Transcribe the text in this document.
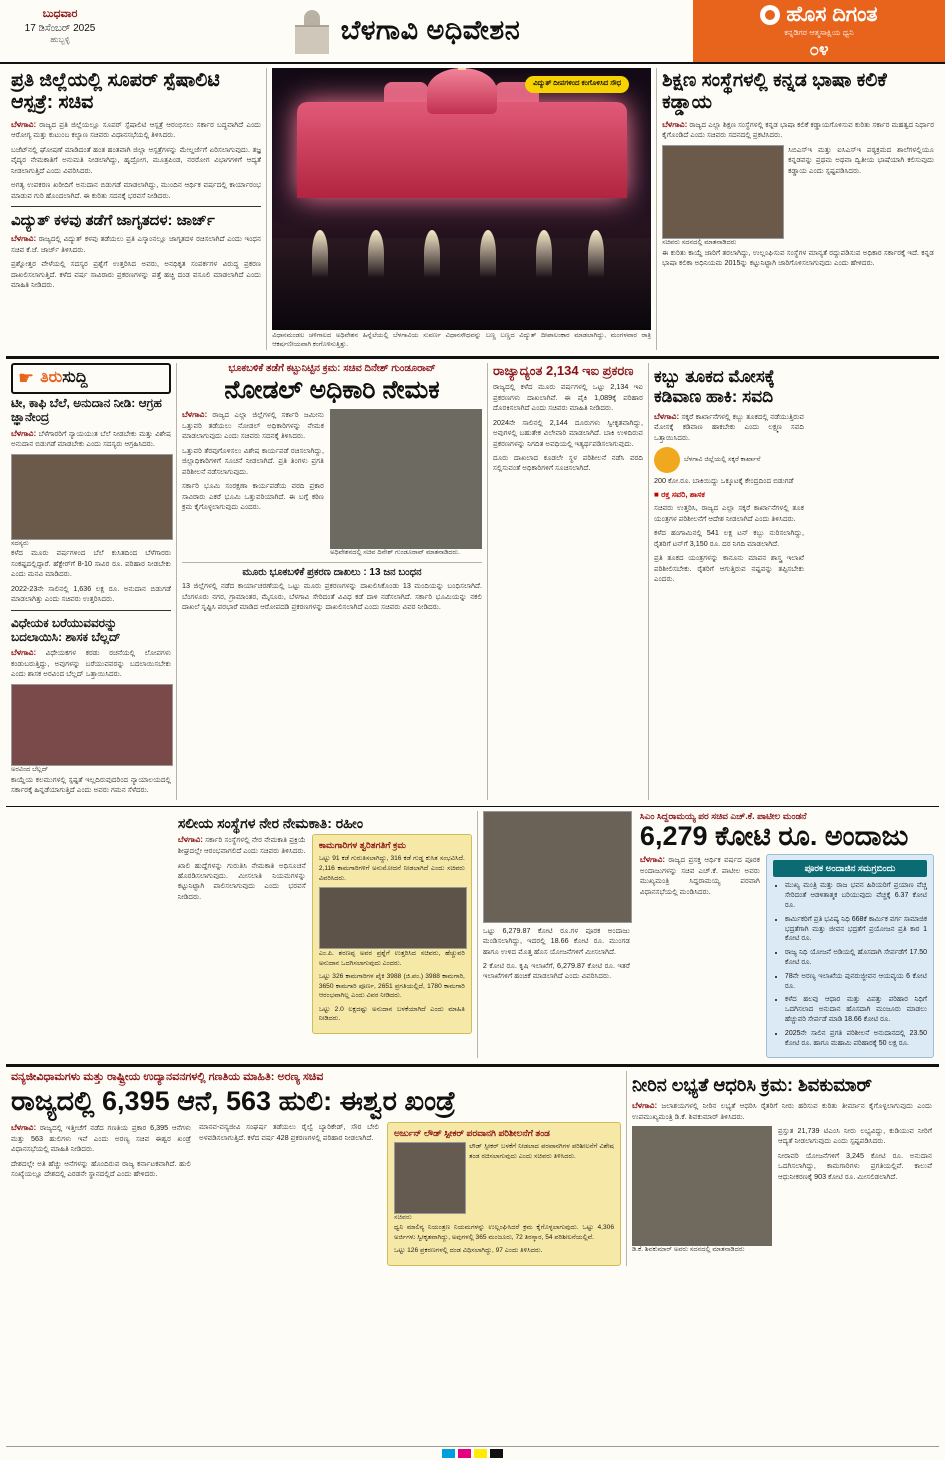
ಬುಧವಾರ
17 ಡಿಸೆಂಬರ್ 2025
ಹುಬ್ಬಳ್ಳಿ	ಬೆಳಗಾವಿ ಅಧಿವೇಶನ
ಹೊಸ ದಿಗಂತ
ಕನ್ನಡಿಗರ ಆತ್ಮಸಾಕ್ಷಿಯ ಧ್ವನಿ
೦೪
ಪ್ರತಿ ಜಿಲ್ಲೆಯಲ್ಲಿ ಸೂಪರ್ ಸ್ಪೆಷಾಲಿಟಿ ಆಸ್ಪತ್ರೆ: ಸಚಿವ

ಬೆಳಗಾವಿ: ರಾಜ್ಯದ ಪ್ರತಿ ಜಿಲ್ಲೆಯಲ್ಲೂ ಸೂಪರ್ ಸ್ಪೆಷಾಲಿಟಿ ಆಸ್ಪತ್ರೆ ಆರಂಭಿಸಲು ಸರ್ಕಾರ ಬದ್ಧವಾಗಿದೆ ಎಂದು ಆರೋಗ್ಯ ಮತ್ತು ಕುಟುಂಬ ಕಲ್ಯಾಣ ಸಚಿವರು ವಿಧಾನಸಭೆಯಲ್ಲಿ ತಿಳಿಸಿದರು.

ಬಜೆಟ್‌ನಲ್ಲಿ ಘೋಷಣೆ ಮಾಡಿದಂತೆ ಹಂತ ಹಂತವಾಗಿ ಜಿಲ್ಲಾ ಆಸ್ಪತ್ರೆಗಳನ್ನು ಮೇಲ್ದರ್ಜೆಗೆ ಏರಿಸಲಾಗುವುದು. ತಜ್ಞ ವೈದ್ಯರ ನೇಮಕಾತಿಗೆ ಅನುಮತಿ ನೀಡಲಾಗಿದ್ದು, ಹೃದ್ರೋಗ, ಮೂತ್ರಪಿಂಡ, ನರರೋಗ ವಿಭಾಗಗಳಿಗೆ ಆದ್ಯತೆ ನೀಡಲಾಗುತ್ತಿದೆ ಎಂದು ವಿವರಿಸಿದರು.

ಅಗತ್ಯ ಉಪಕರಣ ಖರೀದಿಗೆ ಅನುದಾನ ಬಿಡುಗಡೆ ಮಾಡಲಾಗಿದ್ದು, ಮುಂದಿನ ಆರ್ಥಿಕ ವರ್ಷದಲ್ಲಿ ಕಾರ್ಯಾರಂಭ ಮಾಡುವ ಗುರಿ ಹೊಂದಲಾಗಿದೆ. ಈ ಕುರಿತು ಸದನಕ್ಕೆ ಭರವಸೆ ನೀಡಿದರು.

ವಿದ್ಯುತ್ ಕಳವು ತಡೆಗೆ ಜಾಗೃತದಳ: ಜಾರ್ಜ್

ಬೆಳಗಾವಿ: ರಾಜ್ಯದಲ್ಲಿ ವಿದ್ಯುತ್ ಕಳವು ತಡೆಯಲು ಪ್ರತಿ ಎಸ್ಕಾಂನಲ್ಲೂ ಜಾಗೃತದಳ ರಚಿಸಲಾಗಿದೆ ಎಂದು ಇಂಧನ ಸಚಿವ ಕೆ.ಜೆ. ಜಾರ್ಜ್ ತಿಳಿಸಿದರು.

ಪ್ರಶ್ನೋತ್ತರ ವೇಳೆಯಲ್ಲಿ ಸದಸ್ಯರ ಪ್ರಶ್ನೆಗೆ ಉತ್ತರಿಸಿದ ಅವರು, ಅನಧಿಕೃತ ಸಂಪರ್ಕಗಳ ವಿರುದ್ಧ ಪ್ರಕರಣ ದಾಖಲಿಸಲಾಗುತ್ತಿದೆ. ಕಳೆದ ವರ್ಷ ಸಾವಿರಾರು ಪ್ರಕರಣಗಳನ್ನು ಪತ್ತೆ ಹಚ್ಚಿ ದಂಡ ವಸೂಲಿ ಮಾಡಲಾಗಿದೆ ಎಂದು ಮಾಹಿತಿ ನೀಡಿದರು.

ವಿದ್ಯುತ್ ದೀಪಗಳಿಂದ ಕಂಗೊಳಿಸಿದ ಸೌಧ
ವಿಧಾನಮಂಡಲ ಚಳಿಗಾಲದ ಅಧಿವೇಶನ ಹಿನ್ನೆಲೆಯಲ್ಲಿ ಬೆಳಗಾವಿಯ ಸುವರ್ಣ ವಿಧಾನಸೌಧವನ್ನು ಬಣ್ಣ ಬಣ್ಣದ ವಿದ್ಯುತ್ ದೀಪಾಲಂಕಾರ ಮಾಡಲಾಗಿದ್ದು, ಮಂಗಳವಾರ ರಾತ್ರಿ ಆಕರ್ಷಣೀಯವಾಗಿ ಕಂಗೊಳಿಸುತ್ತಿತ್ತು.
ಶಿಕ್ಷಣ ಸಂಸ್ಥೆಗಳಲ್ಲಿ ಕನ್ನಡ ಭಾಷಾ ಕಲಿಕೆ ಕಡ್ಡಾಯ

ಬೆಳಗಾವಿ: ರಾಜ್ಯದ ಎಲ್ಲಾ ಶಿಕ್ಷಣ ಸಂಸ್ಥೆಗಳಲ್ಲಿ ಕನ್ನಡ ಭಾಷಾ ಕಲಿಕೆ ಕಡ್ಡಾಯಗೊಳಿಸುವ ಕುರಿತು ಸರ್ಕಾರ ಮಹತ್ವದ ನಿರ್ಧಾರ ಕೈಗೊಂಡಿದೆ ಎಂದು ಸಚಿವರು ಸದನದಲ್ಲಿ ಪ್ರಕಟಿಸಿದರು.

ಸಚಿವರು ಸದನದಲ್ಲಿ ಮಾತನಾಡಿದರು

ಸಿಬಿಎಸ್‌ಇ ಮತ್ತು ಐಸಿಎಸ್‌ಇ ಪಠ್ಯಕ್ರಮದ ಶಾಲೆಗಳಲ್ಲಿಯೂ ಕನ್ನಡವನ್ನು ಪ್ರಥಮ ಅಥವಾ ದ್ವಿತೀಯ ಭಾಷೆಯಾಗಿ ಕಲಿಸುವುದು ಕಡ್ಡಾಯ ಎಂದು ಸ್ಪಷ್ಟಪಡಿಸಿದರು.

ಈ ಕುರಿತು ಕಾಯ್ದೆ ಜಾರಿಗೆ ತರಲಾಗಿದ್ದು, ಉಲ್ಲಂಘಿಸುವ ಸಂಸ್ಥೆಗಳ ಮಾನ್ಯತೆ ರದ್ದುಪಡಿಸುವ ಅಧಿಕಾರ ಸರ್ಕಾರಕ್ಕೆ ಇದೆ. ಕನ್ನಡ ಭಾಷಾ ಕಲಿಕಾ ಅಧಿನಿಯಮ 2015ನ್ನು ಕಟ್ಟುನಿಟ್ಟಾಗಿ ಜಾರಿಗೊಳಿಸಲಾಗುವುದು ಎಂದು ಹೇಳಿದರು.

☛ ತಿರುಸುದ್ದಿ
ಟೀ, ಕಾಫಿ ಬೆಲೆ, ಅನುದಾನ ನೀಡಿ: ಆಗ್ರಹ ಜ್ಞಾನೇಂದ್ರ

ಬೆಳಗಾವಿ: ಬೆಳೆಗಾರರಿಗೆ ನ್ಯಾಯಯುತ ಬೆಲೆ ನೀಡಬೇಕು ಮತ್ತು ವಿಶೇಷ ಅನುದಾನ ಬಿಡುಗಡೆ ಮಾಡಬೇಕು ಎಂದು ಸದಸ್ಯರು ಆಗ್ರಹಿಸಿದರು.

ಸದಸ್ಯರು

ಕಳೆದ ಮೂರು ವರ್ಷಗಳಿಂದ ಬೆಲೆ ಕುಸಿತದಿಂದ ಬೆಳೆಗಾರರು ಸಂಕಷ್ಟದಲ್ಲಿದ್ದಾರೆ. ಹೆಕ್ಟೇರ್‌ಗೆ 8-10 ಸಾವಿರ ರೂ. ಪರಿಹಾರ ನೀಡಬೇಕು ಎಂದು ಮನವಿ ಮಾಡಿದರು.

2022-23ನೇ ಸಾಲಿನಲ್ಲಿ 1,636 ಲಕ್ಷ ರೂ. ಅನುದಾನ ಬಿಡುಗಡೆ ಮಾಡಲಾಗಿತ್ತು ಎಂದು ಸಚಿವರು ಉತ್ತರಿಸಿದರು.

ವಿಧೇಯಕ ಬರೆಯುವವರನ್ನು ಬದಲಾಯಿಸಿ: ಶಾಸಕ ಬೆಲ್ಲದ್

ಬೆಳಗಾವಿ: ವಿಧೇಯಕಗಳ ಕರಡು ರಚನೆಯಲ್ಲಿ ಲೋಪಗಳು ಕಂಡುಬರುತ್ತಿದ್ದು, ಅವುಗಳನ್ನು ಬರೆಯುವವರನ್ನು ಬದಲಾಯಿಸಬೇಕು ಎಂದು ಶಾಸಕ ಅರವಿಂದ ಬೆಲ್ಲದ್ ಒತ್ತಾಯಿಸಿದರು.

ಅರವಿಂದ ಬೆಲ್ಲದ್

ಕಾಯ್ದೆಯ ಕಲಮುಗಳಲ್ಲಿ ಸ್ಪಷ್ಟತೆ ಇಲ್ಲದಿರುವುದರಿಂದ ನ್ಯಾಯಾಲಯದಲ್ಲಿ ಸರ್ಕಾರಕ್ಕೆ ಹಿನ್ನಡೆಯಾಗುತ್ತಿದೆ ಎಂದು ಅವರು ಗಮನ ಸೆಳೆದರು.

ಭೂಕಬಳಿಕೆ ತಡೆಗೆ ಕಟ್ಟುನಿಟ್ಟಿನ ಕ್ರಮ: ಸಚಿವ ದಿನೇಶ್ ಗುಂಡೂರಾವ್
ನೋಡಲ್ ಅಧಿಕಾರಿ ನೇಮಕ

ಬೆಳಗಾವಿ: ರಾಜ್ಯದ ಎಲ್ಲಾ ಜಿಲ್ಲೆಗಳಲ್ಲಿ ಸರ್ಕಾರಿ ಜಮೀನು ಒತ್ತುವರಿ ತಡೆಯಲು ನೋಡಲ್ ಅಧಿಕಾರಿಗಳನ್ನು ನೇಮಕ ಮಾಡಲಾಗುವುದು ಎಂದು ಸಚಿವರು ಸದನಕ್ಕೆ ತಿಳಿಸಿದರು.

ಒತ್ತುವರಿ ತೆರವುಗೊಳಿಸಲು ವಿಶೇಷ ಕಾರ್ಯಪಡೆ ರಚಿಸಲಾಗಿದ್ದು, ಜಿಲ್ಲಾಧಿಕಾರಿಗಳಿಗೆ ಸೂಚನೆ ನೀಡಲಾಗಿದೆ. ಪ್ರತಿ ತಿಂಗಳು ಪ್ರಗತಿ ಪರಿಶೀಲನೆ ನಡೆಸಲಾಗುವುದು.

ಸರ್ಕಾರಿ ಭೂಮಿ ಸಂರಕ್ಷಣಾ ಕಾರ್ಯಪಡೆಯ ವರದಿ ಪ್ರಕಾರ ಸಾವಿರಾರು ಎಕರೆ ಭೂಮಿ ಒತ್ತುವರಿಯಾಗಿದೆ. ಈ ಬಗ್ಗೆ ಕಠಿಣ ಕ್ರಮ ಕೈಗೊಳ್ಳಲಾಗುವುದು ಎಂದರು.

ಅಧಿವೇಶನದಲ್ಲಿ ಸಚಿವ ದಿನೇಶ್ ಗುಂಡೂರಾವ್ ಮಾತನಾಡಿದರು.
ಮೂರು ಭೂಕಬಳಿಕೆ ಪ್ರಕರಣ ದಾಖಲು : 13 ಜನ ಬಂಧನ

13 ಜಿಲ್ಲೆಗಳಲ್ಲಿ ನಡೆದ ಕಾರ್ಯಾಚರಣೆಯಲ್ಲಿ ಒಟ್ಟು ಮೂರು ಪ್ರಕರಣಗಳನ್ನು ದಾಖಲಿಸಿಕೊಂಡು 13 ಮಂದಿಯನ್ನು ಬಂಧಿಸಲಾಗಿದೆ. ಬೆಂಗಳೂರು ನಗರ, ಗ್ರಾಮಾಂತರ, ಮೈಸೂರು, ಬೆಳಗಾವಿ ಸೇರಿದಂತೆ ವಿವಿಧ ಕಡೆ ದಾಳಿ ನಡೆಸಲಾಗಿದೆ. ಸರ್ಕಾರಿ ಭೂಮಿಯನ್ನು ನಕಲಿ ದಾಖಲೆ ಸೃಷ್ಟಿಸಿ ಪರಭಾರೆ ಮಾಡಿದ ಆರೋಪದಡಿ ಪ್ರಕರಣಗಳನ್ನು ದಾಖಲಿಸಲಾಗಿದೆ ಎಂದು ಸಚಿವರು ವಿವರ ನೀಡಿದರು.

ರಾಜ್ಯಾದ್ಯಂತ 2,134 ಇಐ ಪ್ರಕರಣ

ರಾಜ್ಯದಲ್ಲಿ ಕಳೆದ ಮೂರು ವರ್ಷಗಳಲ್ಲಿ ಒಟ್ಟು 2,134 ಇಐ ಪ್ರಕರಣಗಳು ದಾಖಲಾಗಿವೆ. ಈ ಪೈಕಿ 1,089ಕ್ಕೆ ಪರಿಹಾರ ದೊರಕಿಸಲಾಗಿದೆ ಎಂದು ಸಚಿವರು ಮಾಹಿತಿ ನೀಡಿದರು.

2024ನೇ ಸಾಲಿನಲ್ಲಿ 2,144 ದೂರುಗಳು ಸ್ವೀಕೃತವಾಗಿದ್ದು, ಅವುಗಳಲ್ಲಿ ಬಹುತೇಕ ವಿಲೇವಾರಿ ಮಾಡಲಾಗಿದೆ. ಬಾಕಿ ಉಳಿದಿರುವ ಪ್ರಕರಣಗಳನ್ನು ನಿಗದಿತ ಅವಧಿಯಲ್ಲಿ ಇತ್ಯರ್ಥಪಡಿಸಲಾಗುವುದು.

ದೂರು ದಾಖಲಾದ ಕೂಡಲೇ ಸ್ಥಳ ಪರಿಶೀಲನೆ ನಡೆಸಿ ವರದಿ ಸಲ್ಲಿಸುವಂತೆ ಅಧಿಕಾರಿಗಳಿಗೆ ಸೂಚಿಸಲಾಗಿದೆ.

ಕಬ್ಬು ತೂಕದ ಮೋಸಕ್ಕೆ ಕಡಿವಾಣ ಹಾಕಿ: ಸವದಿ

ಬೆಳಗಾವಿ: ಸಕ್ಕರೆ ಕಾರ್ಖಾನೆಗಳಲ್ಲಿ ಕಬ್ಬು ತೂಕದಲ್ಲಿ ನಡೆಯುತ್ತಿರುವ ಮೋಸಕ್ಕೆ ಕಡಿವಾಣ ಹಾಕಬೇಕು ಎಂದು ಲಕ್ಷ್ಮಣ ಸವದಿ ಒತ್ತಾಯಿಸಿದರು.

ಬೆಳಗಾವಿ ಜಿಲ್ಲೆಯಲ್ಲಿ ಸಕ್ಕರೆ ಕಾರ್ಖಾನೆ

200 ಕೋ.ರೂ. ಬಾಕಿಯಿದ್ದು ಒಕ್ಕೂಟಕ್ಕೆ ಕೇಂದ್ರದಿಂದ ಬಿಡುಗಡೆ

■ ರಕ್ತ ಸವರಿ, ಶಾಸಕ

ಸಚಿವರು ಉತ್ತರಿಸಿ, ರಾಜ್ಯದ ಎಲ್ಲಾ ಸಕ್ಕರೆ ಕಾರ್ಖಾನೆಗಳಲ್ಲಿ ತೂಕ ಯಂತ್ರಗಳ ಪರಿಶೀಲನೆಗೆ ಆದೇಶ ನೀಡಲಾಗಿದೆ ಎಂದು ತಿಳಿಸಿದರು.

ಕಳೆದ ಹಂಗಾಮಿನಲ್ಲಿ 541 ಲಕ್ಷ ಟನ್ ಕಬ್ಬು ನುರಿಸಲಾಗಿದ್ದು, ರೈತರಿಗೆ ಟನ್‌ಗೆ 3,150 ರೂ. ದರ ನಿಗದಿ ಮಾಡಲಾಗಿದೆ.

ಪ್ರತಿ ತೂಕದ ಯಂತ್ರಗಳನ್ನು ಕಾನೂನು ಮಾಪನ ಶಾಸ್ತ್ರ ಇಲಾಖೆ ಪರಿಶೀಲಿಸಬೇಕು. ರೈತರಿಗೆ ಆಗುತ್ತಿರುವ ನಷ್ಟವನ್ನು ತಪ್ಪಿಸಬೇಕು ಎಂದರು.

ಸಲೀಯ ಸಂಸ್ಥೆಗಳ ನೇರ ನೇಮಕಾತಿ: ರಹೀಂ

ಬೆಳಗಾವಿ: ಸರ್ಕಾರಿ ಸಂಸ್ಥೆಗಳಲ್ಲಿ ನೇರ ನೇಮಕಾತಿ ಪ್ರಕ್ರಿಯೆ ಶೀಘ್ರದಲ್ಲೇ ಆರಂಭವಾಗಲಿದೆ ಎಂದು ಸಚಿವರು ತಿಳಿಸಿದರು.

ಖಾಲಿ ಹುದ್ದೆಗಳನ್ನು ಗುರುತಿಸಿ ನೇಮಕಾತಿ ಅಧಿಸೂಚನೆ ಹೊರಡಿಸಲಾಗುವುದು. ಮೀಸಲಾತಿ ನಿಯಮಗಳನ್ನು ಕಟ್ಟುನಿಟ್ಟಾಗಿ ಪಾಲಿಸಲಾಗುವುದು ಎಂದು ಭರವಸೆ ನೀಡಿದರು.

ಕಾಮಗಾರಿಗಳ ತ್ವರಿತಗತಿಗೆ ಕ್ರಮ

ಒಟ್ಟು 91 ಕಡೆ ಗುರುತಿಸಲಾಗಿದ್ದು, 316 ಕಡೆ ಗುಡ್ಡ ಕುಸಿತ ಸಂಭವಿಸಿದೆ. 2,116 ಕಾಮಗಾರಿಗಳಿಗೆ ಅನುಮೋದನೆ ನೀಡಲಾಗಿದೆ ಎಂದು ಸಚಿವರು ವಿವರಿಸಿದರು.

ಎಂ.ಪಿ. ಶರಣಪ್ಪ ಅವರ ಪ್ರಶ್ನೆಗೆ ಉತ್ತರಿಸಿದ ಸಚಿವರು, ಹೆಚ್ಚುವರಿ ಅನುದಾನ ಒದಗಿಸಲಾಗುವುದು ಎಂದರು.

ಒಟ್ಟು 326 ಕಾಮಗಾರಿಗಳ ಪೈಕಿ 3988 (ಜಿ.ಪಂ.) 3988 ಕಾಮಗಾರಿ, 3650 ಕಾಮಗಾರಿ ಪೂರ್ಣ, 2651 ಪ್ರಗತಿಯಲ್ಲಿದೆ, 1780 ಕಾಮಗಾರಿ ಆರಂಭವಾಗಿಲ್ಲ ಎಂದು ವಿವರ ನೀಡಿದರು.

ಒಟ್ಟು 2.0 ಲಕ್ಷದಷ್ಟು ಅನುದಾನ ಬಳಕೆಯಾಗಿದೆ ಎಂದು ಮಾಹಿತಿ ನೀಡಿದರು.

ಒಟ್ಟು 6,279.87 ಕೋಟಿ ರೂ.ಗಳ ಪೂರಕ ಅಂದಾಜು ಮಂಡಿಸಲಾಗಿದ್ದು, ಇದರಲ್ಲಿ 18.66 ಕೋಟಿ ರೂ. ಮುಂಗಡ ಹಾಗೂ ಉಳಿದ ಮೊತ್ತ ಹೊಸ ಯೋಜನೆಗಳಿಗೆ ಮೀಸಲಾಗಿದೆ.

2 ಕೋಟಿ ರೂ. ಕೃಷಿ ಇಲಾಖೆಗೆ, 6,279.87 ಕೋಟಿ ರೂ. ಇತರೆ ಇಲಾಖೆಗಳಿಗೆ ಹಂಚಿಕೆ ಮಾಡಲಾಗಿದೆ ಎಂದು ವಿವರಿಸಿದರು.

ಸಿಎಂ ಸಿದ್ದರಾಮಯ್ಯ ಪರ ಸಚಿವ ಎಚ್.ಕೆ. ಪಾಟೀಲ ಮಂಡನೆ
6,279 ಕೋಟಿ ರೂ. ಅಂದಾಜು

ಬೆಳಗಾವಿ: ರಾಜ್ಯದ ಪ್ರಸಕ್ತ ಆರ್ಥಿಕ ವರ್ಷದ ಪೂರಕ ಅಂದಾಜುಗಳನ್ನು ಸಚಿವ ಎಚ್.ಕೆ. ಪಾಟೀಲ ಅವರು ಮುಖ್ಯಮಂತ್ರಿ ಸಿದ್ದರಾಮಯ್ಯ ಪರವಾಗಿ ವಿಧಾನಸಭೆಯಲ್ಲಿ ಮಂಡಿಸಿದರು.

ಪೂರಕ ಅಂದಾಜಿನ ಸಮಗ್ರಬಿಂದು
• ಮುಖ್ಯ ಮಂತ್ರಿ ಮತ್ತು ರಾಜ ಭವನ ಹಿರಿಯರಿಗೆ ಪ್ರಯಾಣ ವೆಚ್ಚ ಸೇರಿದಂತೆ ಆಡಳಿತಾತ್ಮಕ ಬರಿಯುವುದು ವೆಚ್ಚಕ್ಕೆ 6.37 ಕೋಟಿ ರೂ.
• ಕಾರ್ಮಿಕರಿಗೆ ಪ್ರತಿ ಭವಿಷ್ಯ ನಿಧಿ 668ಕೆ ಕಾರ್ಮಿಕ ವರ್ಗ ಸಾಮಾಜಿಕ ಭದ್ರತೆಗಾಗಿ ಮತ್ತು ಜೀವನ ಭದ್ರತೆಗೆ ಪ್ರಯೋಜನ ಪ್ರತಿ ಕಾರ 1 ಕೋಟಿ ರೂ.
• ರಾಜ್ಯ ನಿಧಿ ಯೋಜನೆ ಅಡಿಯಲ್ಲಿ ಹೊಸದಾಗಿ ಸೇರ್ಪಡೆಗೆ 17.50 ಕೋಟಿ ರೂ.
• 78ನೇ ಅರಣ್ಯ ಇಲಾಖೆಯ ಪುನರುಜ್ಜೀವನ ಆಯವ್ಯಯ 6 ಕೋಟಿ ರೂ.
• ಕಳೆದ ಹಲವು ಆಧಾರ ಮತ್ತು ವಿಪತ್ತು ಪರಿಹಾರ ನಿಧಿಗೆ ಒದಗಿಸಲಾದ ಅನುದಾನ ಹೊಸದಾಗಿ ಮಂಜೂರು ಮಾಡಲು ಹೆಚ್ಚುವರಿ ಸೇರ್ಪಡೆ ಮಾಡಿ 18.66 ಕೋಟಿ ರೂ.
• 2025ನೇ ಸಾಲಿನ ಪ್ರಗತಿ ಪರಿಶೀಲನೆ ಅನುದಾನದಲ್ಲಿ 23.50 ಕೋಟಿ ರೂ. ಹಾಗೂ ಮಹಾಮಿ ಪರಿಹಾರಕ್ಕೆ 50 ಲಕ್ಷ ರೂ.
ವನ್ಯಜೀವಿಧಾಮಗಳು ಮತ್ತು ರಾಷ್ಟ್ರೀಯ ಉದ್ಯಾನವನಗಳಲ್ಲಿ ಗಣತಿಯ ಮಾಹಿತಿ: ಅರಣ್ಯ ಸಚಿವ
ರಾಜ್ಯದಲ್ಲಿ 6,395 ಆನೆ, 563 ಹುಲಿ: ಈಶ್ವರ ಖಂಡ್ರೆ

ಬೆಳಗಾವಿ: ರಾಜ್ಯದಲ್ಲಿ ಇತ್ತೀಚೆಗೆ ನಡೆದ ಗಣತಿಯ ಪ್ರಕಾರ 6,395 ಆನೆಗಳು ಮತ್ತು 563 ಹುಲಿಗಳು ಇವೆ ಎಂದು ಅರಣ್ಯ ಸಚಿವ ಈಶ್ವರ ಖಂಡ್ರೆ ವಿಧಾನಸಭೆಯಲ್ಲಿ ಮಾಹಿತಿ ನೀಡಿದರು.

ದೇಶದಲ್ಲೇ ಅತಿ ಹೆಚ್ಚು ಆನೆಗಳನ್ನು ಹೊಂದಿರುವ ರಾಜ್ಯ ಕರ್ನಾಟಕವಾಗಿದೆ. ಹುಲಿ ಸಂಖ್ಯೆಯಲ್ಲೂ ದೇಶದಲ್ಲಿ ಎರಡನೇ ಸ್ಥಾನದಲ್ಲಿದೆ ಎಂದು ಹೇಳಿದರು.

ಮಾನವ-ವನ್ಯಜೀವಿ ಸಂಘರ್ಷ ತಡೆಯಲು ರೈಲ್ವೆ ಬ್ಯಾರಿಕೇಡ್, ಸೌರ ಬೇಲಿ ಅಳವಡಿಸಲಾಗುತ್ತಿದೆ. ಕಳೆದ ವರ್ಷ 428 ಪ್ರಕರಣಗಳಲ್ಲಿ ಪರಿಹಾರ ನೀಡಲಾಗಿದೆ.	ಅರ್ಜುನ್ ಲೌಡ್ ಸ್ಪೀಕರ್ ಪರವಾನಗಿ ಪರಿಶೀಲನೆಗೆ ತಂಡ
ಸಚಿವರು

ಲೌಡ್ ಸ್ಪೀಕರ್ ಬಳಕೆಗೆ ನೀಡಲಾದ ಪರವಾನಗಿಗಳ ಪರಿಶೀಲನೆಗೆ ವಿಶೇಷ ತಂಡ ರಚಿಸಲಾಗುವುದು ಎಂದು ಸಚಿವರು ತಿಳಿಸಿದರು.

ಧ್ವನಿ ಮಾಲಿನ್ಯ ನಿಯಂತ್ರಣ ನಿಯಮಗಳನ್ನು ಉಲ್ಲಂಘಿಸಿದರೆ ಕ್ರಮ ಕೈಗೊಳ್ಳಲಾಗುವುದು. ಒಟ್ಟು 4,306 ಅರ್ಜಿಗಳು ಸ್ವೀಕೃತವಾಗಿದ್ದು, ಅವುಗಳಲ್ಲಿ 365 ಮಂಜೂರು, 72 ತಿರಸ್ಕಾರ, 54 ಪರಿಶೀಲನೆಯಲ್ಲಿವೆ.

ಒಟ್ಟು 126 ಪ್ರಕರಣಗಳಲ್ಲಿ ದಂಡ ವಿಧಿಸಲಾಗಿದ್ದು, 97 ಎಂದು ತಿಳಿಸಿದರು.

ನೀರಿನ ಲಭ್ಯತೆ ಆಧರಿಸಿ ಕ್ರಮ: ಶಿವಕುಮಾರ್

ಬೆಳಗಾವಿ: ಜಲಾಶಯಗಳಲ್ಲಿ ನೀರಿನ ಲಭ್ಯತೆ ಆಧರಿಸಿ ರೈತರಿಗೆ ನೀರು ಹರಿಸುವ ಕುರಿತು ತೀರ್ಮಾನ ಕೈಗೊಳ್ಳಲಾಗುವುದು ಎಂದು ಉಪಮುಖ್ಯಮಂತ್ರಿ ಡಿ.ಕೆ. ಶಿವಕುಮಾರ್ ತಿಳಿಸಿದರು.

ಡಿ.ಕೆ. ಶಿವಕುಮಾರ್ ಅವರು ಸದನದಲ್ಲಿ ಮಾತನಾಡಿದರು

ಪ್ರಸ್ತುತ 21,739 ಟಿಎಂಸಿ ನೀರು ಲಭ್ಯವಿದ್ದು, ಕುಡಿಯುವ ನೀರಿಗೆ ಆದ್ಯತೆ ನೀಡಲಾಗುವುದು ಎಂದು ಸ್ಪಷ್ಟಪಡಿಸಿದರು.

ನೀರಾವರಿ ಯೋಜನೆಗಳಿಗೆ 3,245 ಕೋಟಿ ರೂ. ಅನುದಾನ ಒದಗಿಸಲಾಗಿದ್ದು, ಕಾಮಗಾರಿಗಳು ಪ್ರಗತಿಯಲ್ಲಿವೆ. ಕಾಲುವೆ ಆಧುನೀಕರಣಕ್ಕೆ 903 ಕೋಟಿ ರೂ. ಮೀಸಲಿಡಲಾಗಿದೆ.
